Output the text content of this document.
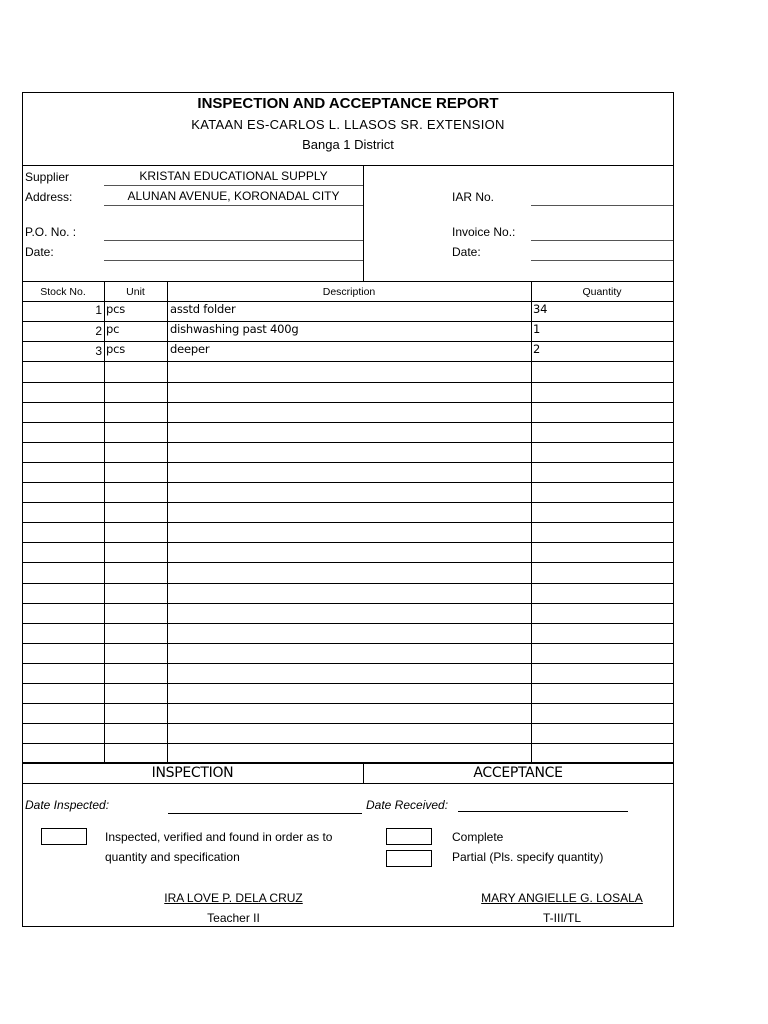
INSPECTION AND ACCEPTANCE REPORT
KATAAN ES-CARLOS L. LLASOS SR. EXTENSION
Banga 1 District
Supplier	KRISTAN EDUCATIONAL SUPPLY
Address:	ALUNAN AVENUE, KORONADAL CITY
P.O. No. :
Date:
IAR No.
Invoice No.:
Date:
Stock No.	Unit	Description	Quantity
1 pcs	asstd folder	34
2 pc	dishwashing past 400g	1
3 pcs	deeper	2
INSPECTION	ACCEPTANCE
Date Inspected:	Date Received:
Inspected, verified and found in order as to
quantity and specification
Complete
Partial (Pls. specify quantity)
IRA LOVE P. DELA CRUZ
Teacher II
MARY ANGIELLE G. LOSALA
T-III/TL
